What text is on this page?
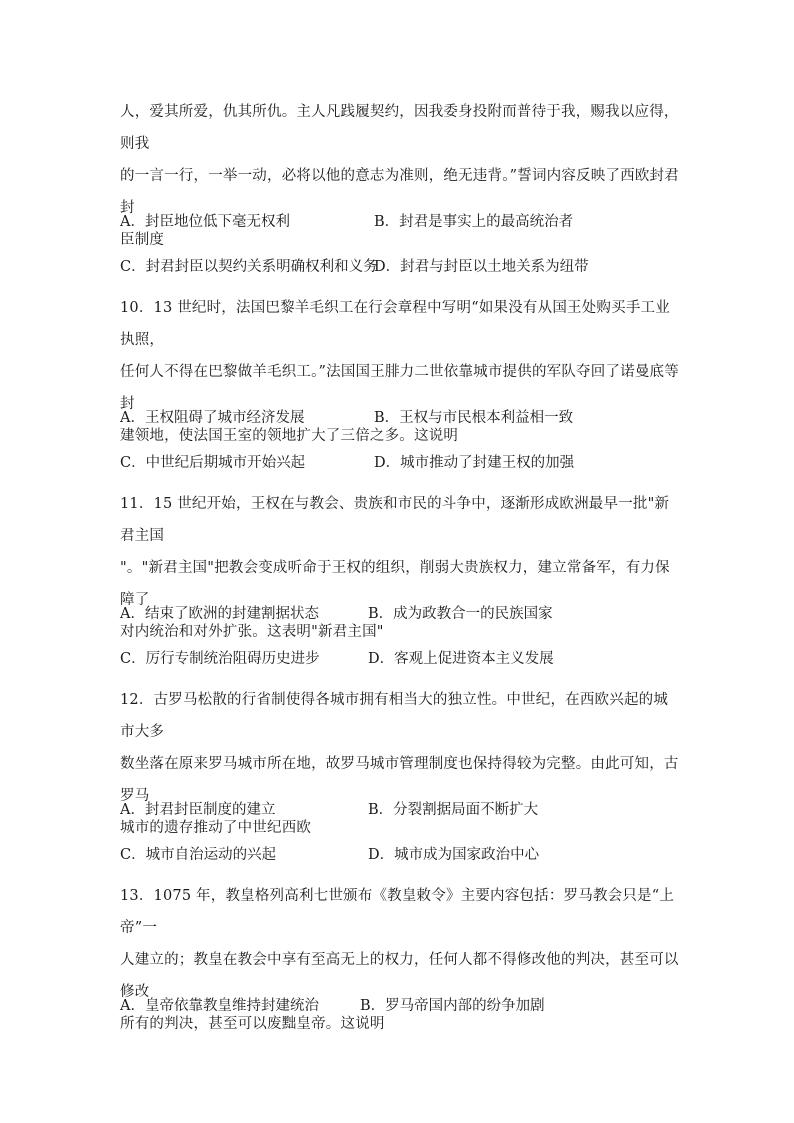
人，爱其所爱，仇其所仇。主人凡践履契约，因我委身投附而普待于我，赐我以应得，则我
的一言一行，一举一动，必将以他的意志为准则，绝无违背。”誓词内容反映了西欧封君封
臣制度
A．封臣地位低下毫无权利	B．封君是事实上的最高统治者
C．封君封臣以契约关系明确权利和义务
D．封君与封臣以土地关系为纽带
10．13 世纪时，法国巴黎羊毛织工在行会章程中写明“如果没有从国王处购买手工业执照，
任何人不得在巴黎做羊毛织工。”法国国王腓力二世依靠城市提供的军队夺回了诺曼底等封
建领地，使法国王室的领地扩大了三倍之多。这说明
A．王权阻碍了城市经济发展	B．王权与市民根本利益相一致
C．中世纪后期城市开始兴起	D．城市推动了封建王权的加强
11．15 世纪开始，王权在与教会、贵族和市民的斗争中，逐渐形成欧洲最早一批"新君主国
"。"新君主国"把教会变成听命于王权的组织，削弱大贵族权力，建立常备军，有力保障了
对内统治和对外扩张。这表明"新君主国"
A．结束了欧洲的封建割据状态	B．成为政教合一的民族国家
C．厉行专制统治阻碍历史进步	D．客观上促进资本主义发展
12．古罗马松散的行省制使得各城市拥有相当大的独立性。中世纪，在西欧兴起的城市大多
数坐落在原来罗马城市所在地，故罗马城市管理制度也保持得较为完整。由此可知，古罗马
城市的遗存推动了中世纪西欧
A．封君封臣制度的建立	B．分裂割据局面不断扩大
C．城市自治运动的兴起	D．城市成为国家政治中心
13．1075 年，教皇格列高利七世颁布《教皇敕令》主要内容包括：罗马教会只是“上帝”一
人建立的；教皇在教会中享有至高无上的权力，任何人都不得修改他的判决，甚至可以修改
所有的判决，甚至可以废黜皇帝。这说明
A．皇帝依靠教皇维持封建统治	B．罗马帝国内部的纷争加剧
